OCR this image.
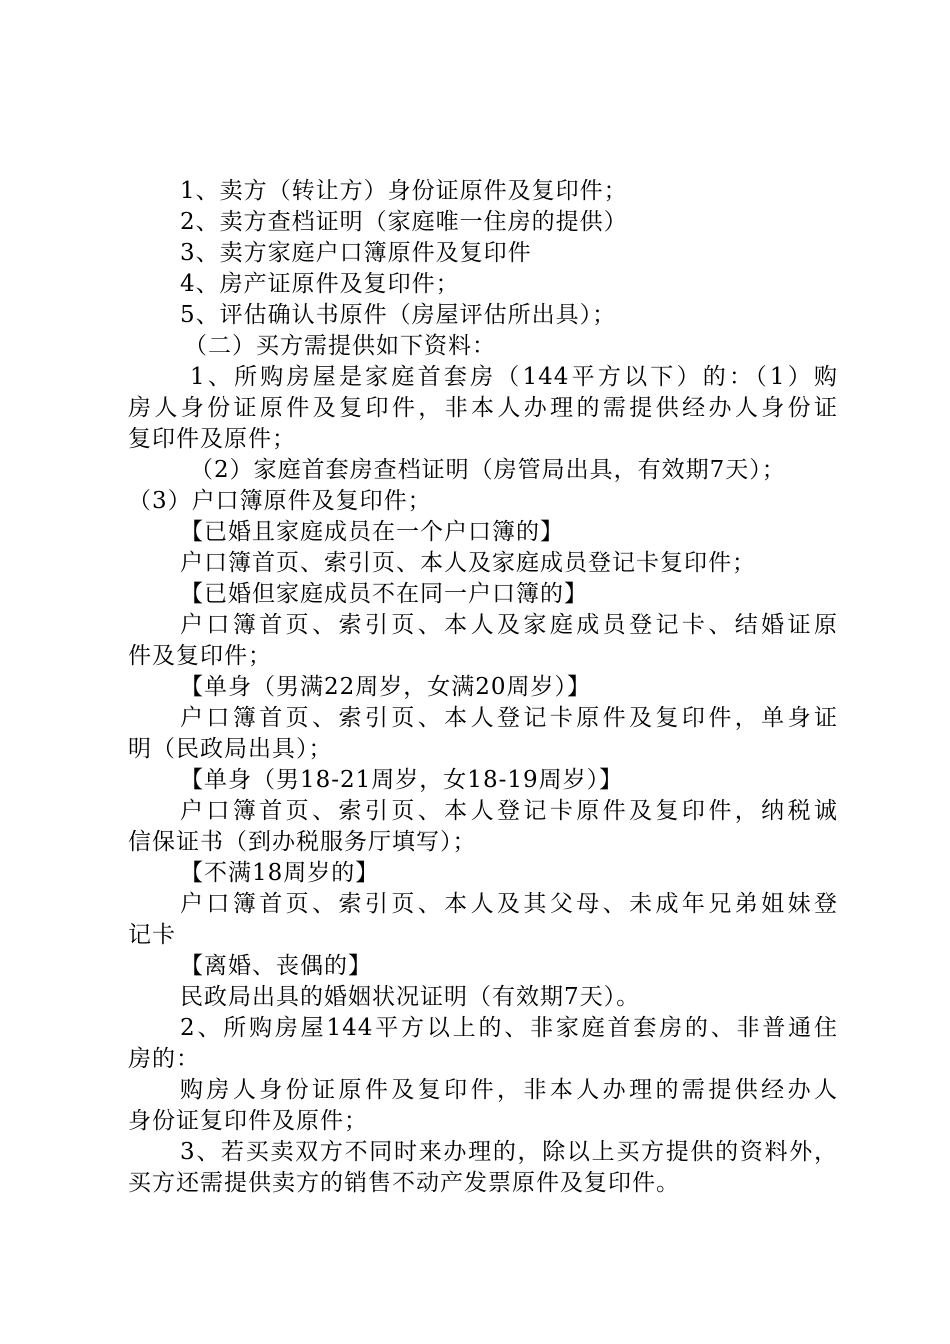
1、卖方（转让方）身份证原件及复印件；
2、卖方查档证明（家庭唯一住房的提供）
3、卖方家庭户口簿原件及复印件
4、房产证原件及复印件；
5、评估确认书原件（房屋评估所出具）；
（二）买方需提供如下资料：
1、所购房屋是家庭首套房（144平方以下）的：（1）购
房人身份证原件及复印件，非本人办理的需提供经办人身份证
复印件及原件；
（2）家庭首套房查档证明（房管局出具，有效期7天）；
（3）户口簿原件及复印件；
【已婚且家庭成员在一个户口簿的】
户口簿首页、索引页、本人及家庭成员登记卡复印件；
【已婚但家庭成员不在同一户口簿的】
户口簿首页、索引页、本人及家庭成员登记卡、结婚证原
件及复印件；
【单身（男满22周岁，女满20周岁）】
户口簿首页、索引页、本人登记卡原件及复印件，单身证
明（民政局出具）；
【单身（男18-21周岁，女18-19周岁）】
户口簿首页、索引页、本人登记卡原件及复印件，纳税诚
信保证书（到办税服务厅填写）；
【不满18周岁的】
户口簿首页、索引页、本人及其父母、未成年兄弟姐妹登
记卡
【离婚、丧偶的】
民政局出具的婚姻状况证明（有效期7天）。
2、所购房屋144平方以上的、非家庭首套房的、非普通住
房的：
购房人身份证原件及复印件，非本人办理的需提供经办人
身份证复印件及原件；
3、若买卖双方不同时来办理的，除以上买方提供的资料外，
买方还需提供卖方的销售不动产发票原件及复印件。
